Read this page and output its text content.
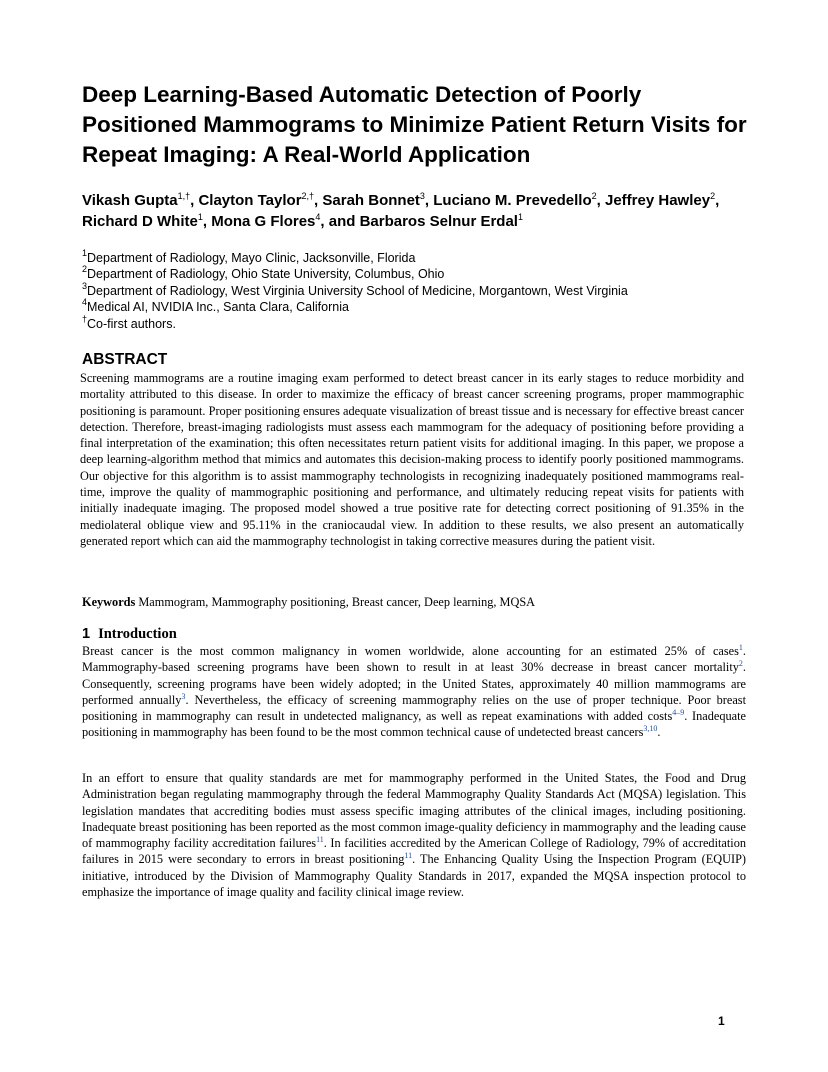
Deep Learning-Based Automatic Detection of Poorly Positioned Mammograms to Minimize Patient Return Visits for Repeat Imaging: A Real-World Application

Vikash Gupta$^{1,\dagger}$, Clayton Taylor$^{2,\dagger}$, Sarah Bonnet$^3$, Luciano M. Prevedello$^2$, Jeffrey Hawley$^2$, Richard D White$^1$, Mona G Flores$^4$, and Barbaros Selnur Erdal$^1$

$^1$Department of Radiology, Mayo Clinic, Jacksonville, Florida
$^2$Department of Radiology, Ohio State University, Columbus, Ohio
$^3$Department of Radiology, West Virginia University School of Medicine, Morgantown, West Virginia
$^4$Medical AI, NVIDIA Inc., Santa Clara, California
†Co-first authors.
ABSTRACT

Screening mammograms are a routine imaging exam performed to detect breast cancer in its early stages to reduce morbidity and mortality attributed to this disease. In order to maximize the efficacy of breast cancer screening programs, proper mammographic positioning is paramount. Proper positioning ensures adequate visualization of breast tissue and is necessary for effective breast cancer detection. Therefore, breast-imaging radiologists must assess each mammogram for the adequacy of positioning before providing a final interpretation of the examination; this often necessitates return patient visits for additional imaging. In this paper, we propose a deep learning-algorithm method that mimics and automates this decision-making process to identify poorly positioned mammograms. Our objective for this algorithm is to assist mammography technologists in recognizing inadequately positioned mammograms real-time, improve the quality of mammographic positioning and performance, and ultimately reducing repeat visits for patients with initially inadequate imaging. The proposed model showed a true positive rate for detecting correct positioning of 91.35% in the mediolateral oblique view and 95.11% in the craniocaudal view. In addition to these results, we also present an automatically generated report which can aid the mammography technologist in taking corrective measures during the patient visit.

Keywords Mammogram, Mammography positioning, Breast cancer, Deep learning, MQSA

1 Introduction

Breast cancer is the most common malignancy in women worldwide, alone accounting for an estimated 25% of cases$^1$. Mammography-based screening programs have been shown to result in at least 30% decrease in breast cancer mortality$^2$. Consequently, screening programs have been widely adopted; in the United States, approximately 40 million mammograms are performed annually$^3$. Nevertheless, the efficacy of screening mammography relies on the use of proper technique. Poor breast positioning in mammography can result in undetected malignancy, as well as repeat examinations with added costs$^{4-9}$. Inadequate positioning in mammography has been found to be the most common technical cause of undetected breast cancers$^{3,10}$.

In an effort to ensure that quality standards are met for mammography performed in the United States, the Food and Drug Administration began regulating mammography through the federal Mammography Quality Standards Act (MQSA) legislation. This legislation mandates that accrediting bodies must assess specific imaging attributes of the clinical images, including positioning. Inadequate breast positioning has been reported as the most common image-quality deficiency in mammography and the leading cause of mammography facility accreditation failures$^{11}$. In facilities accredited by the American College of Radiology, 79% of accreditation failures in 2015 were secondary to errors in breast positioning$^{11}$. The Enhancing Quality Using the Inspection Program (EQUIP) initiative, introduced by the Division of Mammography Quality Standards in 2017, expanded the MQSA inspection protocol to emphasize the importance of image quality and facility clinical image review.

1
